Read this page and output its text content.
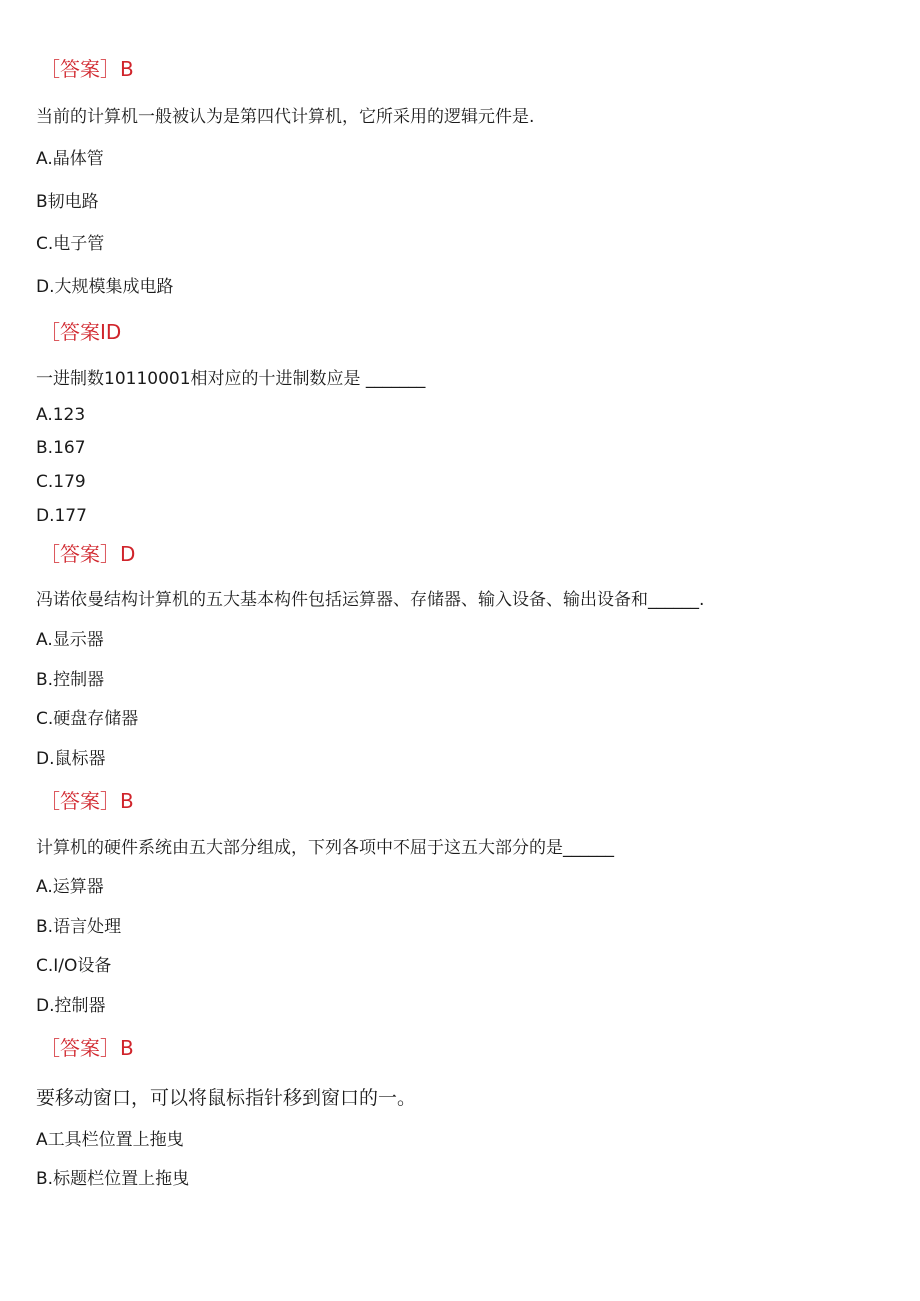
［答案］B
当前的计算机一般被认为是第四代计算机，它所采用的逻辑元件是.
A.晶体管
B韧电路
C.电子管
D.大规模集成电路
［答案ID
一进制数10110001相对应的十进制数应是 _______
A.123
B.167
C.179
D.177
［答案］D
冯诺依曼结构计算机的五大基本构件包括运算器、存储器、输入设备、输出设备和______.
A.显示器
B.控制器
C.硬盘存储器
D.鼠标器
［答案］B
计算机的硬件系统由五大部分组成，下列各项中不屈于这五大部分的是______
A.运算器
B.语言处理
C.I/O设备
D.控制器
［答案］B
要移动窗口，可以将鼠标指针移到窗口的一。
A工具栏位置上拖曳
B.标题栏位置上拖曳
